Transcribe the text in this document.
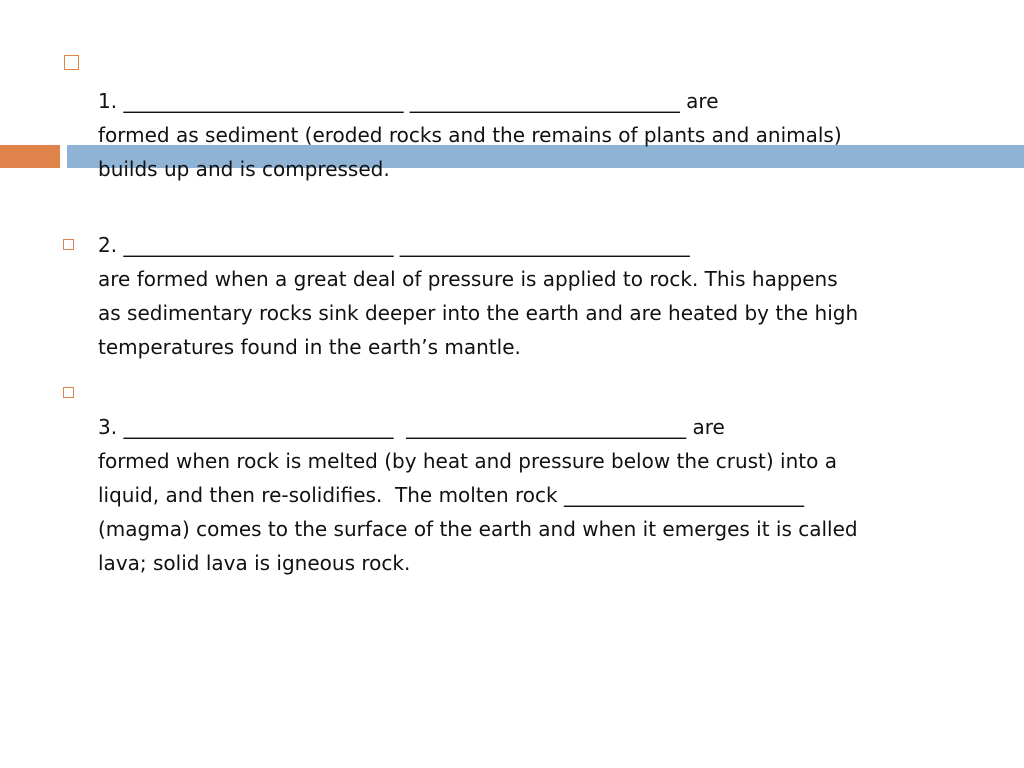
1. ____________________________ ___________________________ are
formed as sediment (eroded rocks and the remains of plants and animals)
builds up and is compressed.

2. ___________________________ _____________________________
are formed when a great deal of pressure is applied to rock. This happens
as sedimentary rocks sink deeper into the earth and are heated by the high
temperatures found in the earth’s mantle.

3. ___________________________  ____________________________ are
formed when rock is melted (by heat and pressure below the crust) into a
liquid, and then re-solidifies.  The molten rock ________________________
(magma) comes to the surface of the earth and when it emerges it is called
lava; solid lava is igneous rock.
